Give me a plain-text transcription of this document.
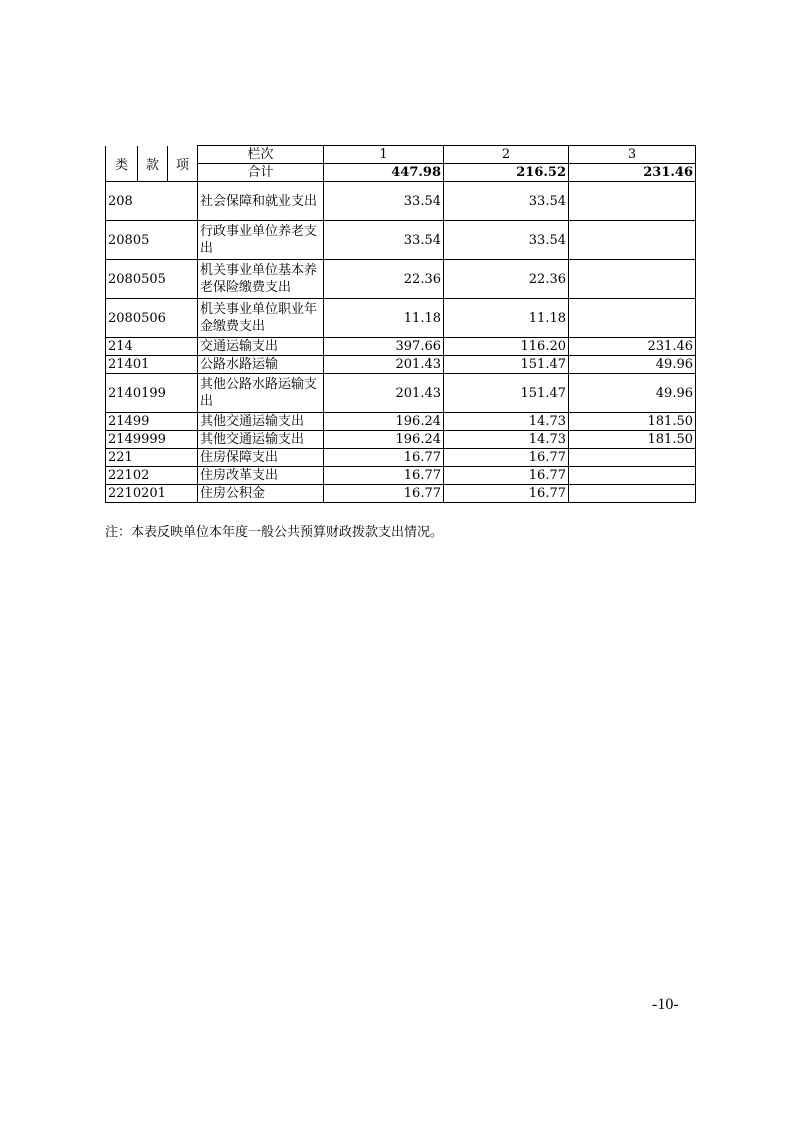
类	款	项	栏次	1	2	3
			合计	447.98	216.52	231.46
208			社会保障和就业支出	33.54	33.54	
20805			行政事业单位养老支出	33.54	33.54	
2080505			机关事业单位基本养老保险缴费支出	22.36	22.36	
2080506			机关事业单位职业年金缴费支出	11.18	11.18	
214			交通运输支出	397.66	116.20	231.46
21401			公路水路运输	201.43	151.47	49.96
2140199			其他公路水路运输支出	201.43	151.47	49.96
21499			其他交通运输支出	196.24	14.73	181.50
2149999			其他交通运输支出	196.24	14.73	181.50
221			住房保障支出	16.77	16.77	
22102			住房改革支出	16.77	16.77	
2210201			住房公积金	16.77	16.77	
注：本表反映单位本年度一般公共预算财政拨款支出情况。
-10-
